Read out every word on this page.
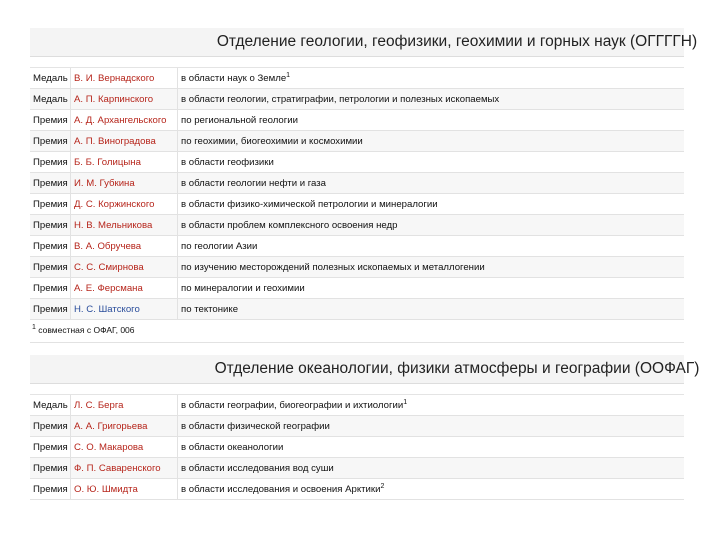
Отделение геологии, геофизики, геохимии и горных наук (ОГГГГН)
Медаль	В. И. Вернадского	в области наук о Земле$^1$
Медаль	А. П. Карпинского	в области геологии, стратиграфии, петрологии и полезных ископаемых
Премия	А. Д. Архангельского	по региональной геологии
Премия	А. П. Виноградова	по геохимии, биогеохимии и космохимии
Премия	Б. Б. Голицына	в области геофизики
Премия	И. М. Губкина	в области геологии нефти и газа
Премия	Д. С. Коржинского	в области физико-химической петрологии и минералогии
Премия	Н. В. Мельникова	в области проблем комплексного освоения недр
Премия	В. А. Обручева	по геологии Азии
Премия	С. С. Смирнова	по изучению месторождений полезных ископаемых и металлогении
Премия	А. Е. Ферсмана	по минералогии и геохимии
Премия	Н. С. Шатского	по тектонике
$^1$ совместная с ОФАГ, 006
Отделение океанологии, физики атмосферы и географии (ООФАГ)
Медаль	Л. С. Берга	в области географии, биогеографии и ихтиологии$^1$
Премия	А. А. Григорьева	в области физической географии
Премия	С. О. Макарова	в области океанологии
Премия	Ф. П. Саваренского	в области исследования вод суши
Премия	О. Ю. Шмидта	в области исследования и освоения Арктики$^2$
